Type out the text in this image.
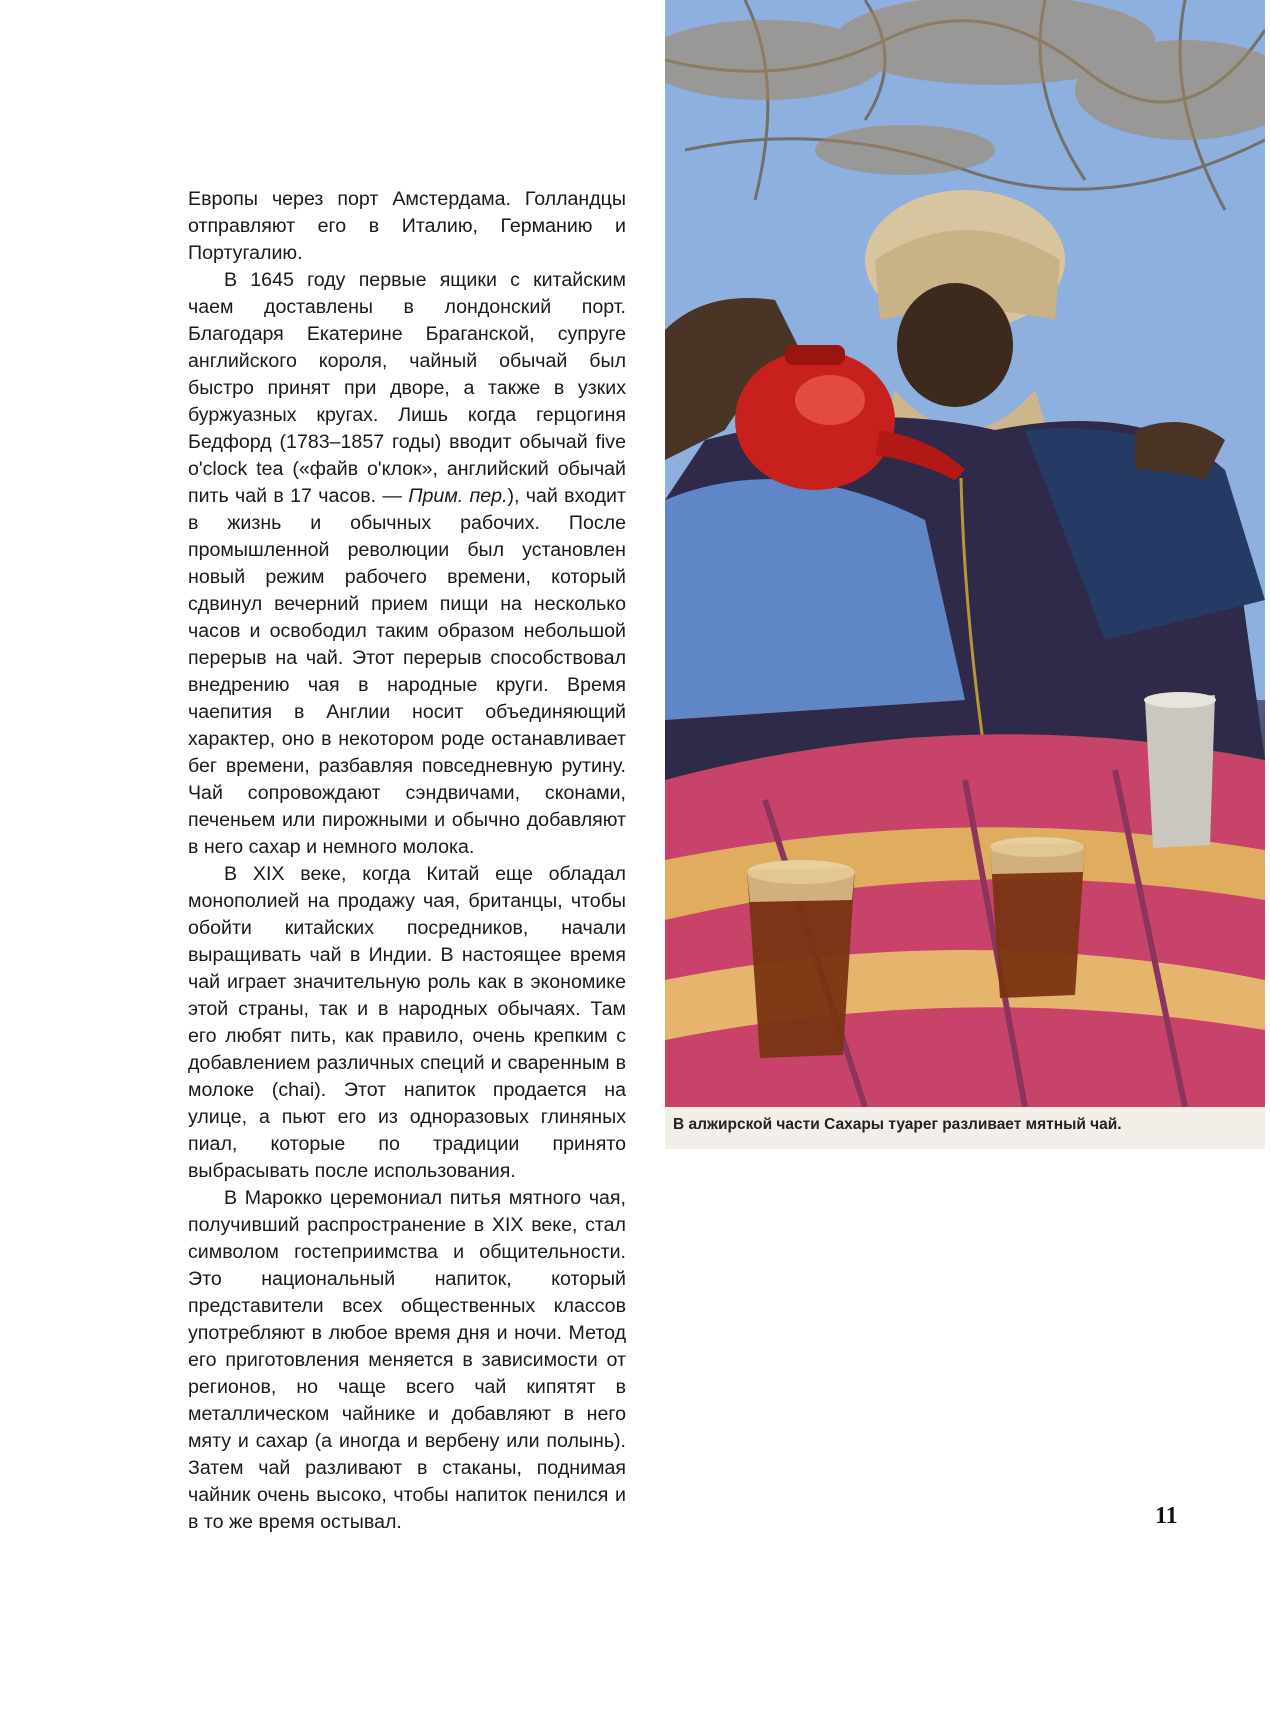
Европы через порт Амстердама. Голландцы отправляют его в Италию, Германию и Португалию.

В 1645 году первые ящики с китайским чаем доставлены в лондонский порт. Благодаря Екатерине Браганской, супруге английского короля, чайный обычай был быстро принят при дворе, а также в узких буржуазных кругах. Лишь когда герцогиня Бедфорд (1783–1857 годы) вводит обычай five o'clock tea («файв о'клок», английский обычай пить чай в 17 часов. — Прим. пер.), чай входит в жизнь и обычных рабочих. После промышленной революции был установлен новый режим рабочего времени, который сдвинул вечерний прием пищи на несколько часов и освободил таким образом небольшой перерыв на чай. Этот перерыв способствовал внедрению чая в народные круги. Время чаепития в Англии носит объединяющий характер, оно в некотором роде останавливает бег времени, разбавляя повседневную рутину. Чай сопровождают сэндвичами, сконами, печеньем или пирожными и обычно добавляют в него сахар и немного молока.

В XIX веке, когда Китай еще обладал монополией на продажу чая, британцы, чтобы обойти китайских посредников, начали выращивать чай в Индии. В настоящее время чай играет значительную роль как в экономике этой страны, так и в народных обычаях. Там его любят пить, как правило, очень крепким с добавлением различных специй и сваренным в молоке (chai). Этот напиток продается на улице, а пьют его из одноразовых глиняных пиал, которые по традиции принято выбрасывать после использования.

В Марокко церемониал питья мятного чая, получивший распространение в XIX веке, стал символом гостеприимства и общительности. Это национальный напиток, который представители всех общественных классов употребляют в любое время дня и ночи. Метод его приготовления меняется в зависимости от регионов, но чаще всего чай кипятят в металлическом чайнике и добавляют в него мяту и сахар (а иногда и вербену или полынь). Затем чай разливают в стаканы, поднимая чайник очень высоко, чтобы напиток пенился и в то же время остывал.

В алжирской части Сахары туарег разливает мятный чай.
11
